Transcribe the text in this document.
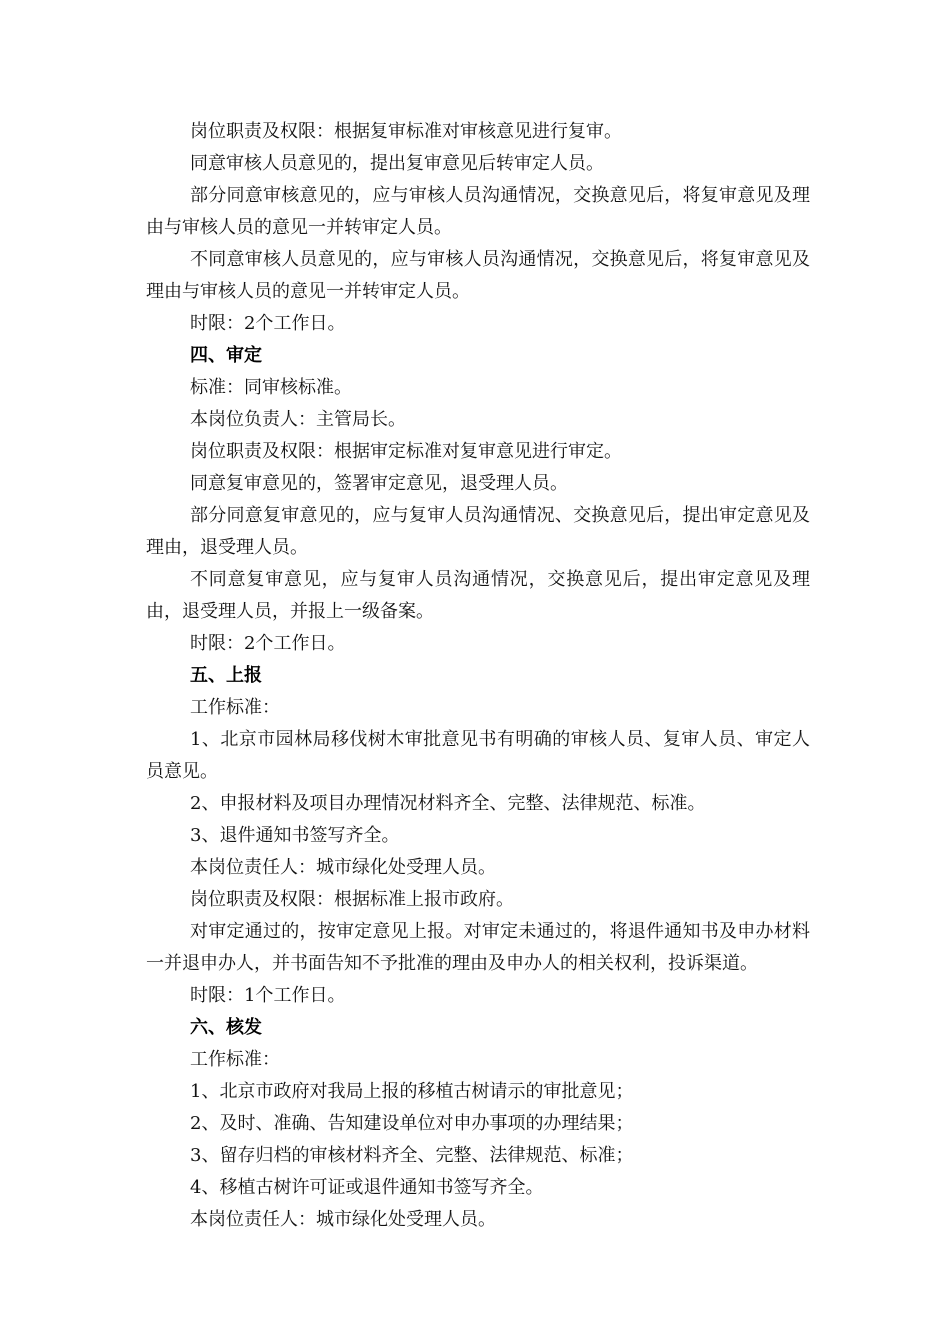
岗位职责及权限：根据复审标准对审核意见进行复审。

同意审核人员意见的，提出复审意见后转审定人员。

部分同意审核意见的，应与审核人员沟通情况，交换意见后，将复审意见及理由与审核人员的意见一并转审定人员。

不同意审核人员意见的，应与审核人员沟通情况，交换意见后，将复审意见及理由与审核人员的意见一并转审定人员。

时限：2个工作日。

四、审定

标准：同审核标准。

本岗位负责人：主管局长。

岗位职责及权限：根据审定标准对复审意见进行审定。

同意复审意见的，签署审定意见，退受理人员。

部分同意复审意见的，应与复审人员沟通情况、交换意见后，提出审定意见及理由，退受理人员。

不同意复审意见，应与复审人员沟通情况，交换意见后，提出审定意见及理由，退受理人员，并报上一级备案。

时限：2个工作日。

五、上报

工作标准：

1、北京市园林局移伐树木审批意见书有明确的审核人员、复审人员、审定人员意见。

2、申报材料及项目办理情况材料齐全、完整、法律规范、标准。

3、退件通知书签写齐全。

本岗位责任人：城市绿化处受理人员。

岗位职责及权限：根据标准上报市政府。

对审定通过的，按审定意见上报。对审定未通过的，将退件通知书及申办材料一并退申办人，并书面告知不予批准的理由及申办人的相关权利，投诉渠道。

时限：1个工作日。

六、核发

工作标准：

1、北京市政府对我局上报的移植古树请示的审批意见；

2、及时、准确、告知建设单位对申办事项的办理结果；

3、留存归档的审核材料齐全、完整、法律规范、标准；

4、移植古树许可证或退件通知书签写齐全。

本岗位责任人：城市绿化处受理人员。
